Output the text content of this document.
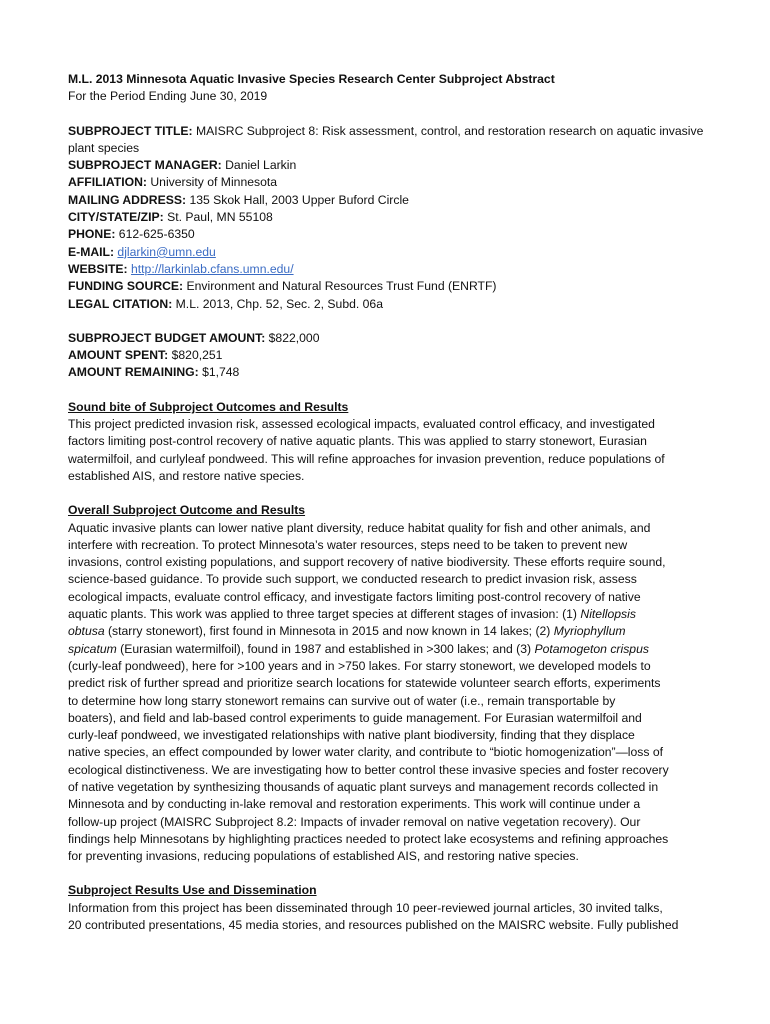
M.L. 2013 Minnesota Aquatic Invasive Species Research Center Subproject Abstract
For the Period Ending June 30, 2019
SUBPROJECT TITLE: MAISRC Subproject 8: Risk assessment, control, and restoration research on aquatic invasive
plant species
SUBPROJECT MANAGER: Daniel Larkin
AFFILIATION: University of Minnesota
MAILING ADDRESS: 135 Skok Hall, 2003 Upper Buford Circle
CITY/STATE/ZIP: St. Paul, MN 55108
PHONE: 612-625-6350
E-MAIL: djlarkin@umn.edu
WEBSITE: http://larkinlab.cfans.umn.edu/
FUNDING SOURCE: Environment and Natural Resources Trust Fund (ENRTF)
LEGAL CITATION: M.L. 2013, Chp. 52, Sec. 2, Subd. 06a
SUBPROJECT BUDGET AMOUNT: $822,000
AMOUNT SPENT: $820,251
AMOUNT REMAINING: $1,748
Sound bite of Subproject Outcomes and Results
This project predicted invasion risk, assessed ecological impacts, evaluated control efficacy, and investigated
factors limiting post-control recovery of native aquatic plants. This was applied to starry stonewort, Eurasian
watermilfoil, and curlyleaf pondweed. This will refine approaches for invasion prevention, reduce populations of
established AIS, and restore native species.
Overall Subproject Outcome and Results
Aquatic invasive plants can lower native plant diversity, reduce habitat quality for fish and other animals, and
interfere with recreation. To protect Minnesota’s water resources, steps need to be taken to prevent new
invasions, control existing populations, and support recovery of native biodiversity. These efforts require sound,
science-based guidance. To provide such support, we conducted research to predict invasion risk, assess
ecological impacts, evaluate control efficacy, and investigate factors limiting post-control recovery of native
aquatic plants. This work was applied to three target species at different stages of invasion: (1) Nitellopsis
obtusa (starry stonewort), first found in Minnesota in 2015 and now known in 14 lakes; (2) Myriophyllum
spicatum (Eurasian watermilfoil), found in 1987 and established in >300 lakes; and (3) Potamogeton crispus
(curly-leaf pondweed), here for >100 years and in >750 lakes. For starry stonewort, we developed models to
predict risk of further spread and prioritize search locations for statewide volunteer search efforts, experiments
to determine how long starry stonewort remains can survive out of water (i.e., remain transportable by
boaters), and field and lab-based control experiments to guide management. For Eurasian watermilfoil and
curly-leaf pondweed, we investigated relationships with native plant biodiversity, finding that they displace
native species, an effect compounded by lower water clarity, and contribute to “biotic homogenization”—loss of
ecological distinctiveness. We are investigating how to better control these invasive species and foster recovery
of native vegetation by synthesizing thousands of aquatic plant surveys and management records collected in
Minnesota and by conducting in-lake removal and restoration experiments. This work will continue under a
follow-up project (MAISRC Subproject 8.2: Impacts of invader removal on native vegetation recovery). Our
findings help Minnesotans by highlighting practices needed to protect lake ecosystems and refining approaches
for preventing invasions, reducing populations of established AIS, and restoring native species.
Subproject Results Use and Dissemination
Information from this project has been disseminated through 10 peer-reviewed journal articles, 30 invited talks,
20 contributed presentations, 45 media stories, and resources published on the MAISRC website. Fully published
